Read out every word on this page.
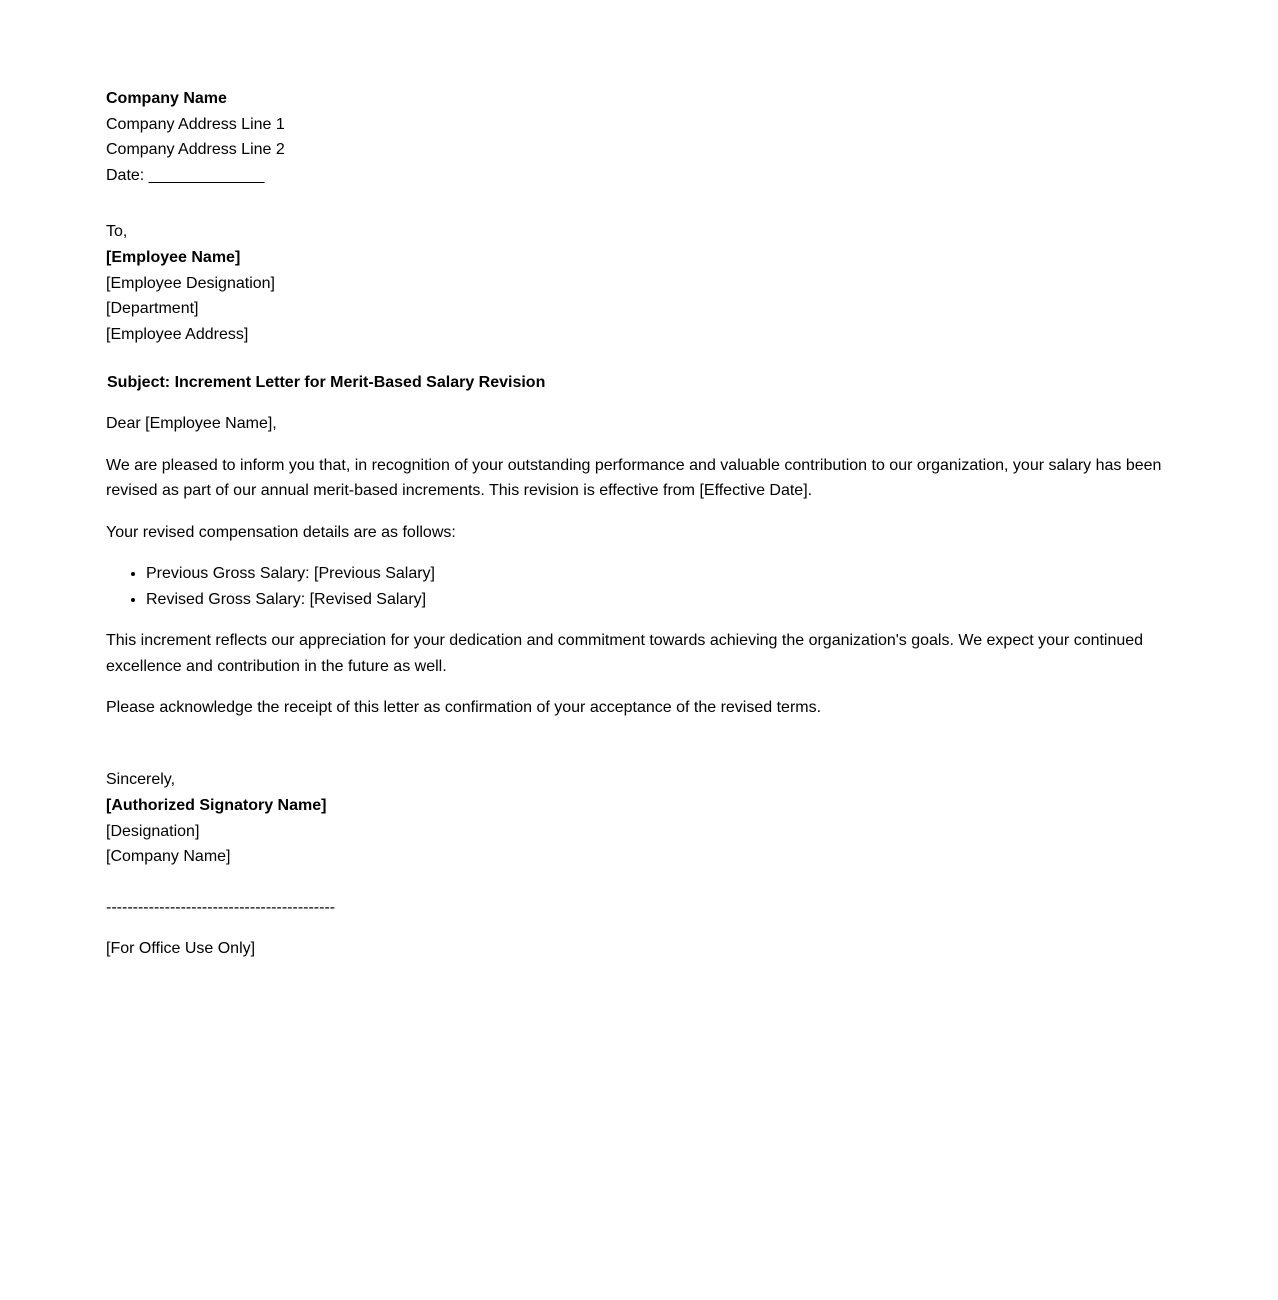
Company Name

Company Address Line 1

Company Address Line 2

Date: _____________

To,

[Employee Name]

[Employee Designation]

[Department]

[Employee Address]

Subject: Increment Letter for Merit-Based Salary Revision

Dear [Employee Name],

We are pleased to inform you that, in recognition of your outstanding performance and valuable contribution to our organization, your salary has been revised as part of our annual merit-based increments. This revision is effective from [Effective Date].

Your revised compensation details are as follows:

• Previous Gross Salary: [Previous Salary]
• Revised Gross Salary: [Revised Salary]

This increment reflects our appreciation for your dedication and commitment towards achieving the organization's goals. We expect your continued excellence and contribution in the future as well.

Please acknowledge the receipt of this letter as confirmation of your acceptance of the revised terms.

Sincerely,

[Authorized Signatory Name]

[Designation]

[Company Name]

-------------------------------------------

[For Office Use Only]
